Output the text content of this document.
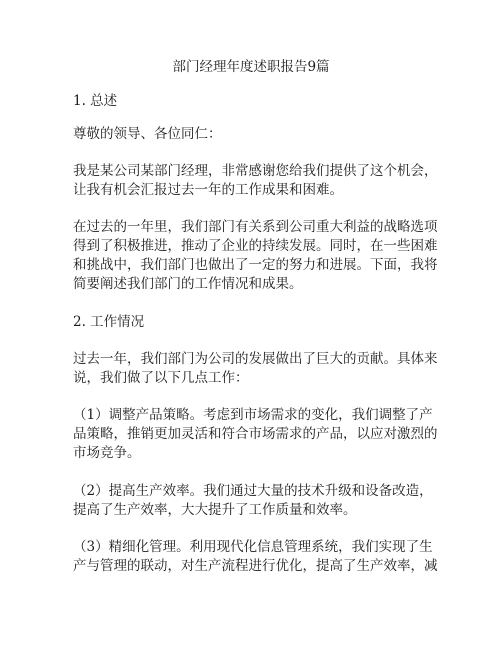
部门经理年度述职报告9篇
1. 总述
尊敬的领导、各位同仁：
我是某公司某部门经理，非常感谢您给我们提供了这个机会，
让我有机会汇报过去一年的工作成果和困难。
在过去的一年里，我们部门有关系到公司重大利益的战略选项
得到了积极推进，推动了企业的持续发展。同时，在一些困难
和挑战中，我们部门也做出了一定的努力和进展。下面，我将
简要阐述我们部门的工作情况和成果。
2. 工作情况
过去一年，我们部门为公司的发展做出了巨大的贡献。具体来
说，我们做了以下几点工作：
（1）调整产品策略。考虑到市场需求的变化，我们调整了产
品策略，推销更加灵活和符合市场需求的产品，以应对激烈的
市场竞争。
（2）提高生产效率。我们通过大量的技术升级和设备改造，
提高了生产效率，大大提升了工作质量和效率。
（3）精细化管理。利用现代化信息管理系统，我们实现了生
产与管理的联动，对生产流程进行优化，提高了生产效率，减
